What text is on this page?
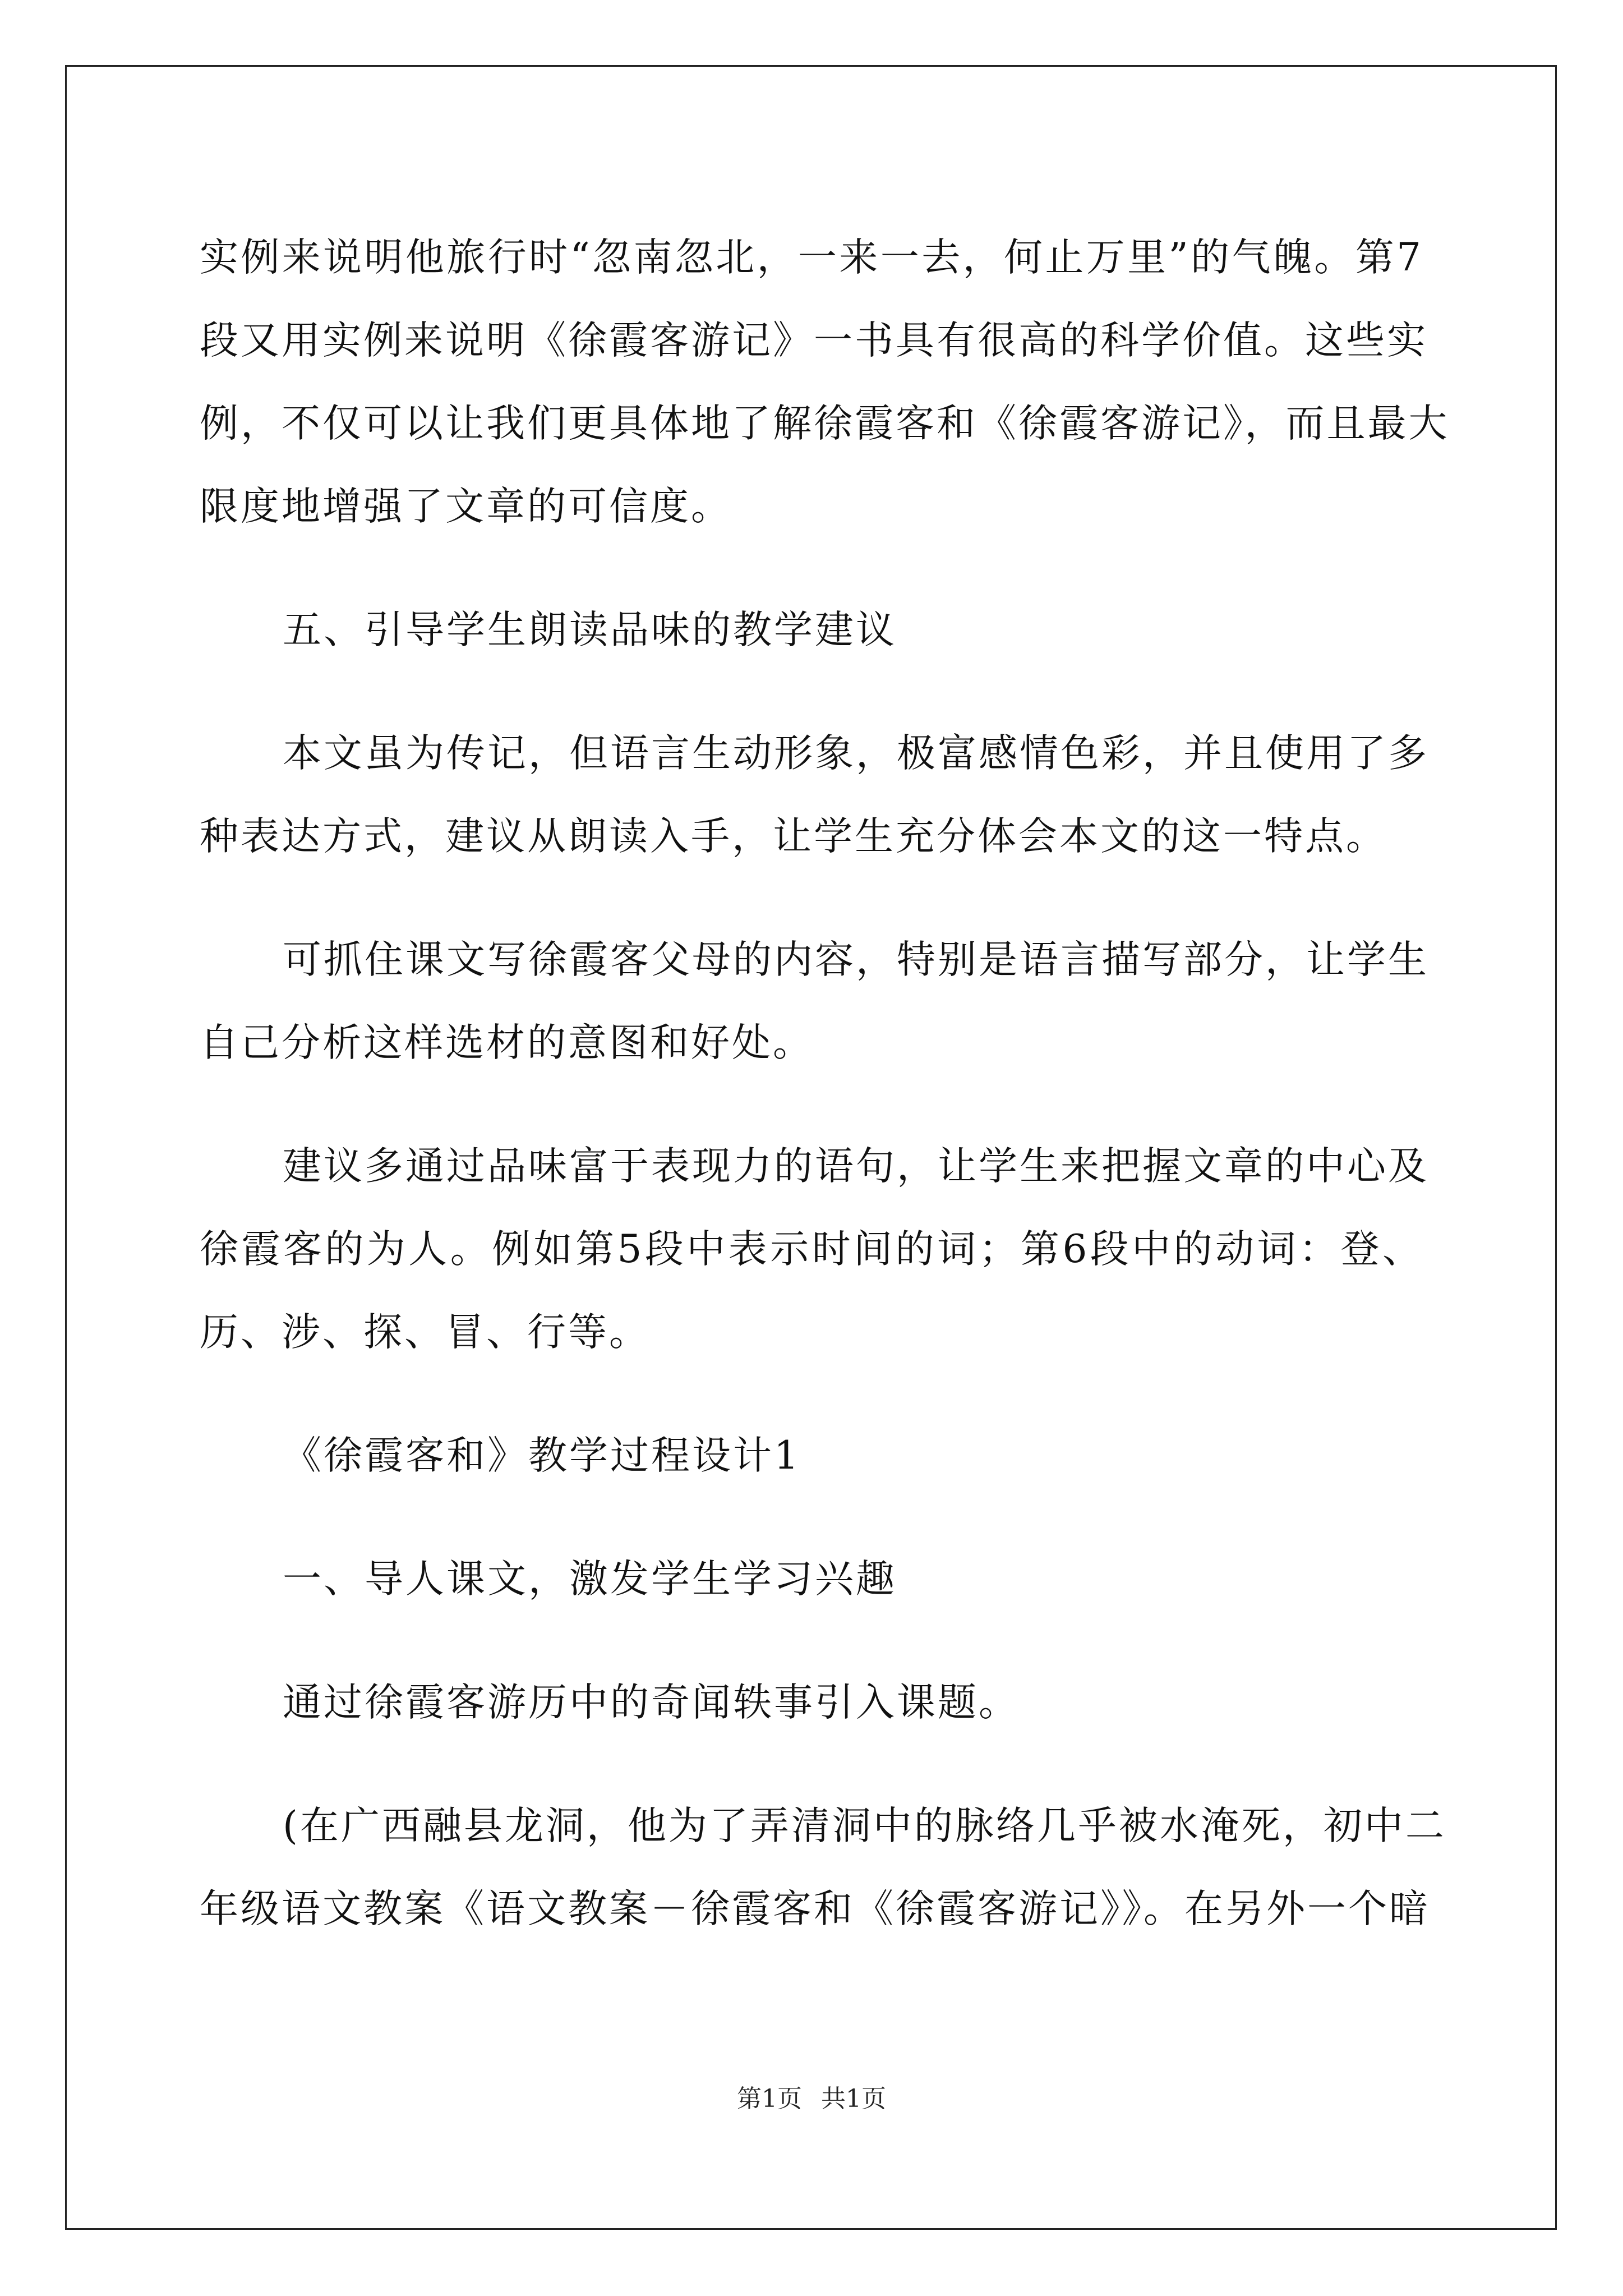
实例来说明他旅行时“忽南忽北，一来一去，何止万里”的气魄。第7
段又用实例来说明《徐霞客游记》一书具有很高的科学价值。这些实
例，不仅可以让我们更具体地了解徐霞客和《徐霞客游记》，而且最大
限度地增强了文章的可信度。
五、引导学生朗读品味的教学建议
本文虽为传记，但语言生动形象，极富感情色彩，并且使用了多
种表达方式，建议从朗读入手，让学生充分体会本文的这一特点。
可抓住课文写徐霞客父母的内容，特别是语言描写部分，让学生
自己分析这样选材的意图和好处。
建议多通过品味富于表现力的语句，让学生来把握文章的中心及
徐霞客的为人。例如第5段中表示时间的词；第6段中的动词：登、
历、涉、探、冒、行等。
《徐霞客和》教学过程设计1
一、导人课文，激发学生学习兴趣
通过徐霞客游历中的奇闻轶事引入课题。
(在广西融县龙洞，他为了弄清洞中的脉络几乎被水淹死，初中二
年级语文教案《语文教案－徐霞客和《徐霞客游记》》。在另外一个暗
第1页 共1页
